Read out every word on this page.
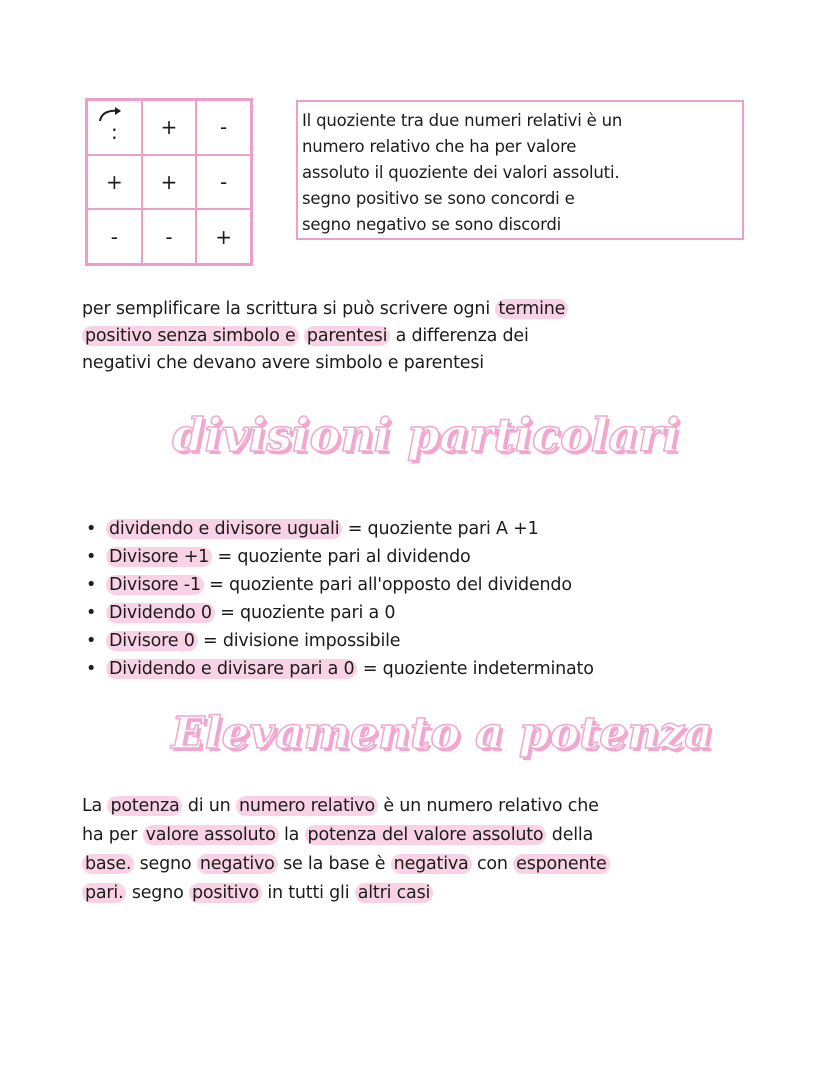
: + -
+ + -
- - +

Il quoziente tra due numeri relativi è un

numero relativo che ha per valore

assoluto il quoziente dei valori assoluti.

segno positivo se sono concordi e

segno negativo se sono discordi

per semplificare la scrittura si può scrivere ogni termine

positivo senza simbolo e parentesi a differenza dei

negativi che devano avere simbolo e parentesi

divisioni particolari
• dividendo e divisore uguali = quoziente pari A +1
• Divisore +1 = quoziente pari al dividendo
• Divisore -1 = quoziente pari all'opposto del dividendo
• Dividendo 0 = quoziente pari a 0
• Divisore 0 = divisione impossibile
• Dividendo e divisare pari a 0 = quoziente indeterminato
Elevamento a potenza

La potenza di un numero relativo è un numero relativo che

ha per valore assoluto la potenza del valore assoluto della

base. segno negativo se la base è negativa con esponente

pari. segno positivo in tutti gli altri casi
